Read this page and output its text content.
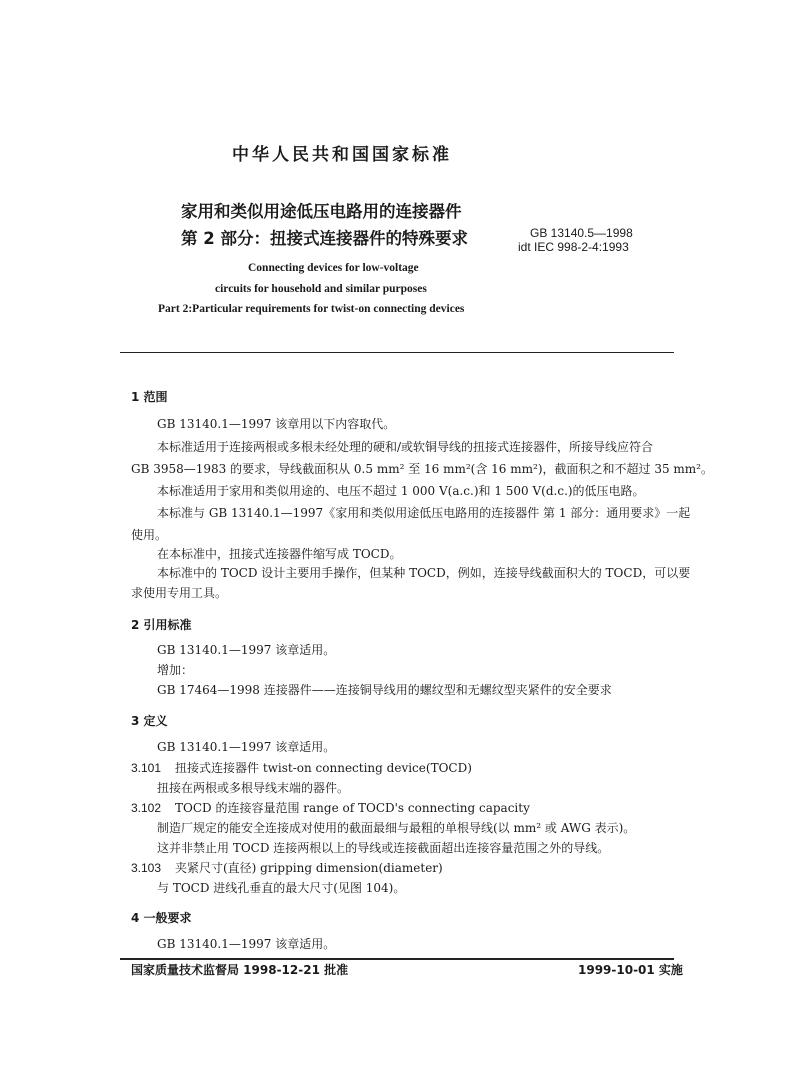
中华人民共和国国家标准
家用和类似用途低压电路用的连接器件
第 2 部分：扭接式连接器件的特殊要求	GB 13140.5—1998
idt IEC 998-2-4:1993
Connecting devices for low-voltage
circuits for household and similar purposes
Part 2:Particular requirements for twist-on connecting devices
1 范围
GB 13140.1—1997 该章用以下内容取代。
本标准适用于连接两根或多根未经处理的硬和/或软铜导线的扭接式连接器件，所接导线应符合
GB 3958—1983 的要求，导线截面积从 0.5 mm² 至 16 mm²(含 16 mm²)，截面积之和不超过 35 mm²。
本标准适用于家用和类似用途的、电压不超过 1 000 V(a.c.)和 1 500 V(d.c.)的低压电路。
本标准与 GB 13140.1—1997《家用和类似用途低压电路用的连接器件 第 1 部分：通用要求》一起
使用。
在本标准中，扭接式连接器件缩写成 TOCD。
本标准中的 TOCD 设计主要用手操作，但某种 TOCD，例如，连接导线截面积大的 TOCD，可以要
求使用专用工具。
2 引用标准
GB 13140.1—1997 该章适用。
增加：
GB 17464—1998 连接器件——连接铜导线用的螺纹型和无螺纹型夹紧件的安全要求
3 定义
GB 13140.1—1997 该章适用。
3.101 扭接式连接器件 twist-on connecting device(TOCD)
扭接在两根或多根导线末端的器件。
3.102 TOCD 的连接容量范围 range of TOCD's connecting capacity
制造厂规定的能安全连接成对使用的截面最细与最粗的单根导线(以 mm² 或 AWG 表示)。
这并非禁止用 TOCD 连接两根以上的导线或连接截面超出连接容量范围之外的导线。
3.103 夹紧尺寸(直径) gripping dimension(diameter)
与 TOCD 进线孔垂直的最大尺寸(见图 104)。
4 一般要求
GB 13140.1—1997 该章适用。
国家质量技术监督局 1998-12-21 批准	1999-10-01 实施
